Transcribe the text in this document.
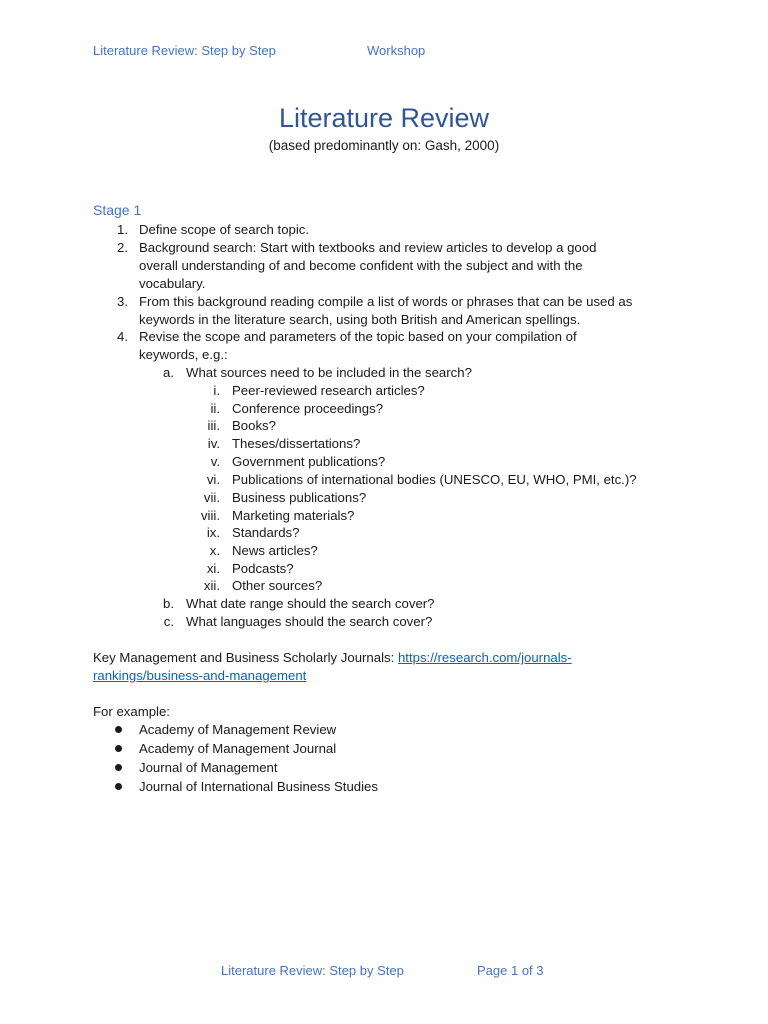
Literature Review: Step by Step	Workshop
Literature Review
(based predominantly on: Gash, 2000)
Stage 1
1. Define scope of search topic.
2. Background search: Start with textbooks and review articles to develop a good
overall understanding of and become confident with the subject and with the
vocabulary.
3. From this background reading compile a list of words or phrases that can be used as
keywords in the literature search, using both British and American spellings.
4. Revise the scope and parameters of the topic based on your compilation of
keywords, e.g.:
a. What sources need to be included in the search?
i. Peer-reviewed research articles?
ii. Conference proceedings?
iii. Books?
iv. Theses/dissertations?
v. Government publications?
vi. Publications of international bodies (UNESCO, EU, WHO, PMI, etc.)?
vii. Business publications?
viii. Marketing materials?
ix. Standards?
x. News articles?
xi. Podcasts?
xii. Other sources?
b. What date range should the search cover?
c. What languages should the search cover?
Key Management and Business Scholarly Journals: https://research.com/journals-
rankings/business-and-management
For example:
Academy of Management Review
Academy of Management Journal
Journal of Management
Journal of International Business Studies
Literature Review: Step by Step	Page 1 of 3
